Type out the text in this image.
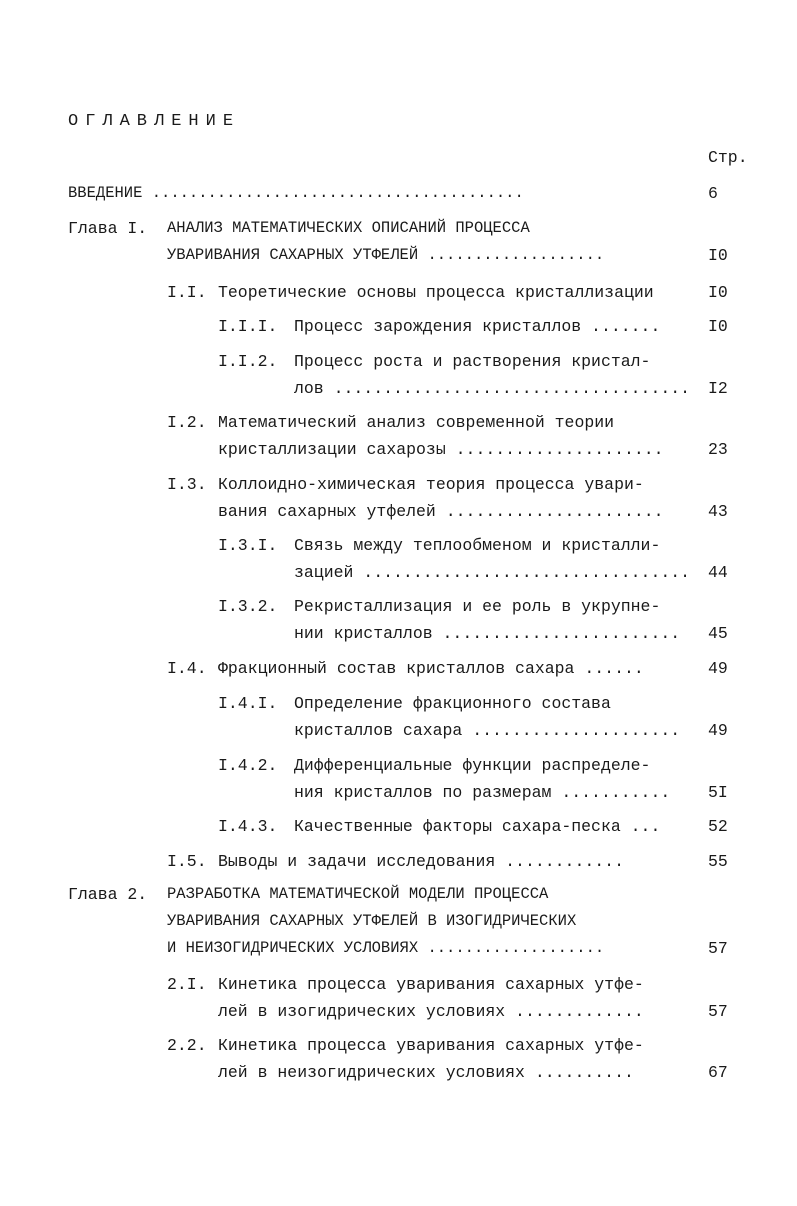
ОГЛАВЛЕНИЕ
Стр.
ВВЕДЕНИЕ ........................................	6
Глава I. АНАЛИЗ МАТЕМАТИЧЕСКИХ ОПИСАНИЙ ПРОЦЕССА
УВАРИВАНИЯ САХАРНЫХ УТФЕЛЕЙ ...................	I0
I.I. Теоретические основы процесса кристаллизации	I0
I.I.I. Процесс зарождения кристаллов .......	I0
I.I.2. Процесс роста и растворения кристал-
лов .................................... I2
I.2. Математический анализ современной теории
кристаллизации сахарозы .....................	23
I.3. Коллоидно-химическая теория процесса увари-
вания сахарных утфелей ......................	43
I.3.I. Связь между теплообменом и кристалли-
зацией ................................. 44
I.3.2. Рекристаллизация и ее роль в укрупне-
нии кристаллов ........................ 45
I.4. Фракционный состав кристаллов сахара ......	49
I.4.I. Определение фракционного состава
кристаллов сахара ..................... 49
I.4.2. Дифференциальные функции распределе-
ния кристаллов по размерам ........... 5I
I.4.3. Качественные факторы сахара-песка ...	52
I.5. Выводы и задачи исследования ............	55
Глава 2. РАЗРАБОТКА МАТЕМАТИЧЕСКОЙ МОДЕЛИ ПРОЦЕССА
УВАРИВАНИЯ САХАРНЫХ УТФЕЛЕЙ В ИЗОГИДРИЧЕСКИХ
И НЕИЗОГИДРИЧЕСКИХ УСЛОВИЯХ ...................	57
2.I. Кинетика процесса уваривания сахарных утфе-
лей в изогидрических условиях .............	57
2.2. Кинетика процесса уваривания сахарных утфе-
лей в неизогидрических условиях ..........	67
